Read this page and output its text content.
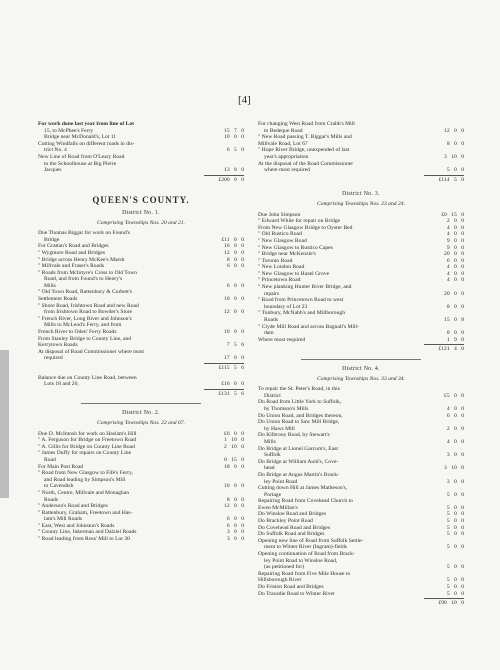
[4]
For work done last year from line of Lot
15, to McPhee's Ferry	15 7 0
Bridge near McDonald's, Lot 11	10 0 0
Cutting Windfalls on different roads in dis-
trict No. 4	6 5 0
New Line of Road from O'Leary Road
to the Schoolhouse at Big Pierre
Jacques	13 8 0
£200 0 0
QUEEN'S COUNTY.
District No. 1.
Comprising Townships Nos. 20 and 21.
Due Thomas Biggar for work on Found's
Bridge	£11 0 0
For Grattan's Road and Bridges	16 0 0
" Wygmore Road and Bridges	12 0 0
" Bridge across Henry McKee's Marsh	8 0 0
" Millvale and Fraser's Roads	6 0 0
" Roads from McIntyre's Cross to Old Town
Road, and from Found's to Henry's
Mills	6 0 0
" Old Town Road, Rattenbury & Corbett's
Settlement Roads	10 0 0
" Shore Road, Irishtown Road and new Road
from Irishtown Road to Bowder's Store	12 0 0
" French River, Long River and Johnson's
Mills to McLeod's Ferry, and from
French River to Oden' Ferry Roads	10 0 0
From Stanley Bridge to County Line, and
Kerrytown Roads	7 5 6
At disposal of Road Commissioner where most
required	17 0 0
£115 5 6
Balance due on County Line Road, between
Lots 18 and 20,	£16 0 0
£131 5 6
District No. 2.
Comprising Townships Nos. 22 and 67.
Due D. McIntosh for work on Haslam's Hill	£6 0 0
" A. Ferguson for Bridge on Freetown Road	1 10 0
" A. Gillis for Bridge on County Line Road	2 10 0
" James Duffy for repairs on County Line
Road	0 15 0
For Main Post Road	18 0 0
" Road from New Glasgow to Fife's Ferry,
and Road leading by Simpson's Mill
to Cavendish	10 0 0
" North, Centre, Millvale and Monaghan
Roads	8 0 0
" Anderson's Road and Bridges	12 0 0
" Rattenbury, Graham, Freetown and Has-
lam's Mill Roads	6 0 0
" East, West and Johnston's Roads	6 0 0
" County Line, Inkerman and Dalziel Roads	3 0 0
" Road leading from Ross' Mill to Lot 30	3 0 0
For changing West Road from Crabb's Mill
to Bedeque Road	12 0 0
" New Road passing T. Biggar's Mills and
Millvale Road, Lot 67	8 0 0
" Hope River Bridge, unexpended of last
year's appropriation	3 10 0
At the disposal of the Road Commissioner
where most required	5 0 0
£114 5 0
District No. 3.
Comprising Townships Nos. 23 and 24.
Due John Simpson	£0 15 0
" Edward White for repair on Bridge	2 0 0
From New Glasgow Bridge to Oyster Bed	4 0 0
" Old Rustico Road	4 0 0
" New Glasgow Road	9 0 0
" New Glasgow to Rustico Capes	9 0 0
" Bridge near McKenzie's	20 0 0
" Toronto Road	6 0 0
" New London Road	4 0 0
" New Glasgow to Hazel Grove	4 0 0
" Princetown Road	4 0 0
" New planking Hunter River Bridge, and
repairs	20 0 0
" Road from Princetown Road to west
boundary of Lot 23	8 0 0
" Tunbury, McNabb's and Millborough
Roads	15 0 8
" Clyde Mill Road and across Bagnall's Mill-
dam	8 0 0
Where most required	1 9 0
£121 4 0
District No. 4.
Comprising Townships Nos. 33 and 34.
To repair the St. Peter's Road, in this
District	£5 0 0
Do Road from Little York to Suffolk,
by Thomson's Mills	4 0 0
Do Union Road, and Bridges thereon,	6 0 0
Do Union Road to Saw Mill Bridge,
by Haws Mill	2 0 0
Do Kilbrony Road, by Stewart's
Mills	4 0 0
Do Bridge at Lionel Garcum's, East
Suffolk	3 0 0
Do Bridge at William Auld's, Cove-
head	3 10 0
Do Bridge at Angus Martin's Brack-
ley Point Road	3 0 0
Cutting down Hill at James Matheson's,
Portage	5 0 0
Repairing Road from Covehead Church to
Ewen McMillan's	5 0 0
Do Winsloe Road and Bridges	5 0 0
Do Brackley Point Road	5 0 0
Do Covehead Road and Bridges	5 0 0
Do Suffolk Road and Bridges	5 0 0
Opening new line of Road from Suffolk Settle-
ment to Winter River (Ingram)-fields	5 0 0
Opening continuation of Road from Brack-
ley Point Road to Winsloe Road,
(as petitioned for)	5 0 0
Repairing Road from Five Mile House to
Hillsborough River	5 0 0
Do Friston Road and Bridges	5 0 0
Do Tracadie Road to Winter River	5 0 0
£90 10 0
